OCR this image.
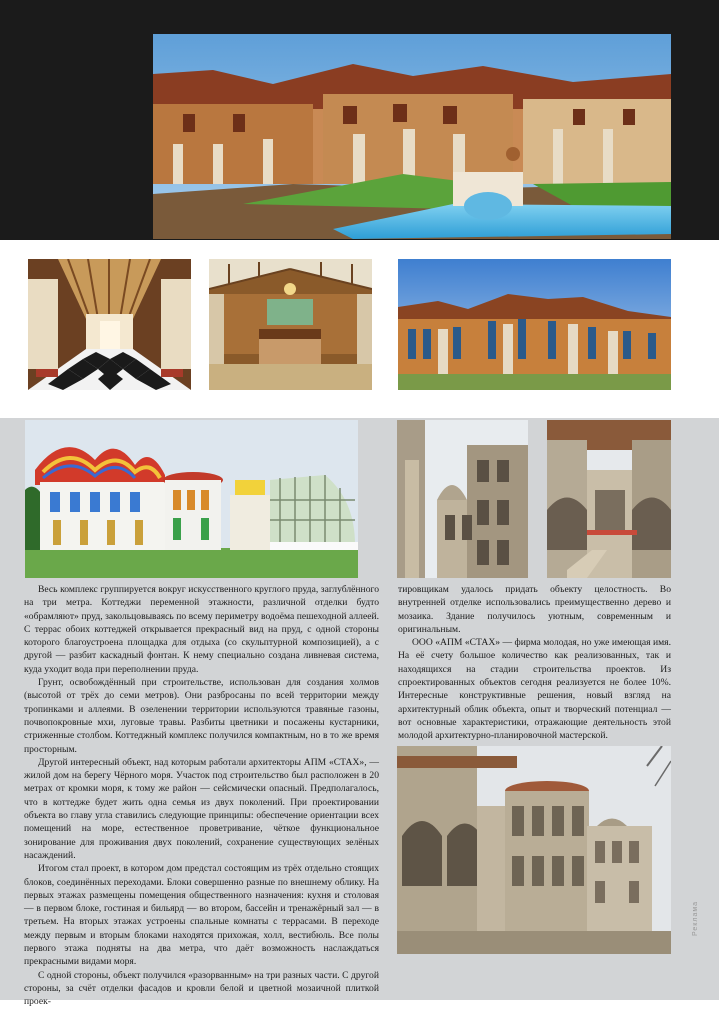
Весь комплекс группируется вокруг искусственного круглого пруда, заглублённого на три метра. Коттеджи переменной этажности, различной отделки будто «обрамляют» пруд, закольцовываясь по всему периметру водоёма пешеходной аллеей. С террас обоих коттеджей открывается прекрасный вид на пруд, с одной стороны которого благоустроена площадка для отдыха (со скульптурной композицией), а с другой — разбит каскадный фонтан. К нему специально создана ливневая система, куда уходит вода при переполнении пруда.

Грунт, освобождённый при строительстве, использован для создания холмов (высотой от трёх до семи метров). Они разбросаны по всей территории между тропинками и аллеями. В озеленении территории используются травяные газоны, почвопокровные мхи, луговые травы. Разбиты цветники и посажены кустарники, стриженные столбом. Коттеджный комплекс получился компактным, но в то же время просторным.

Другой интересный объект, над которым работали архитекторы АПМ «СТАХ», — жилой дом на берегу Чёрного моря. Участок под строительство был расположен в 20 метрах от кромки моря, к тому же район — сейсмически опасный. Предполагалось, что в коттедже будет жить одна семья из двух поколений. При проектировании объекта во главу угла ставились следующие принципы: обеспечение ориентации всех помещений на море, естественное проветривание, чёткое функциональное зонирование для проживания двух поколений, сохранение существующих зелёных насаждений.

Итогом стал проект, в котором дом предстал состоящим из трёх отдельно стоящих блоков, соединённых переходами. Блоки совершенно разные по внешнему облику. На первых этажах размещены помещения общественного назначения: кухня и столовая — в первом блоке, гостиная и бильярд — во втором, бассейн и тренажёрный зал — в третьем. На вторых этажах устроены спальные комнаты с террасами. В переходе между первым и вторым блоками находятся прихожая, холл, вестибюль. Все полы первого этажа подняты на два метра, что даёт возможность наслаждаться прекрасными видами моря.

С одной стороны, объект получился «разорванным» на три разных части. С другой стороны, за счёт отделки фасадов и кровли белой и цветной мозаичной плиткой проек-

тировщикам удалось придать объекту целостность. Во внутренней отделке использовались преимущественно дерево и мозаика. Здание получилось уютным, современным и оригинальным.

ООО «АПМ «СТАХ» — фирма молодая, но уже имеющая имя. На её счету большое количество как реализованных, так и находящихся на стадии строительства проектов. Из спроектированных объектов сегодня реализуется не более 10%. Интересные конструктивные решения, новый взгляд на архитектурный облик объекта, опыт и творческий потенциал — вот основные характеристики, отражающие деятельность этой молодой архитектурно-планировочной мастерской.

Реклама
